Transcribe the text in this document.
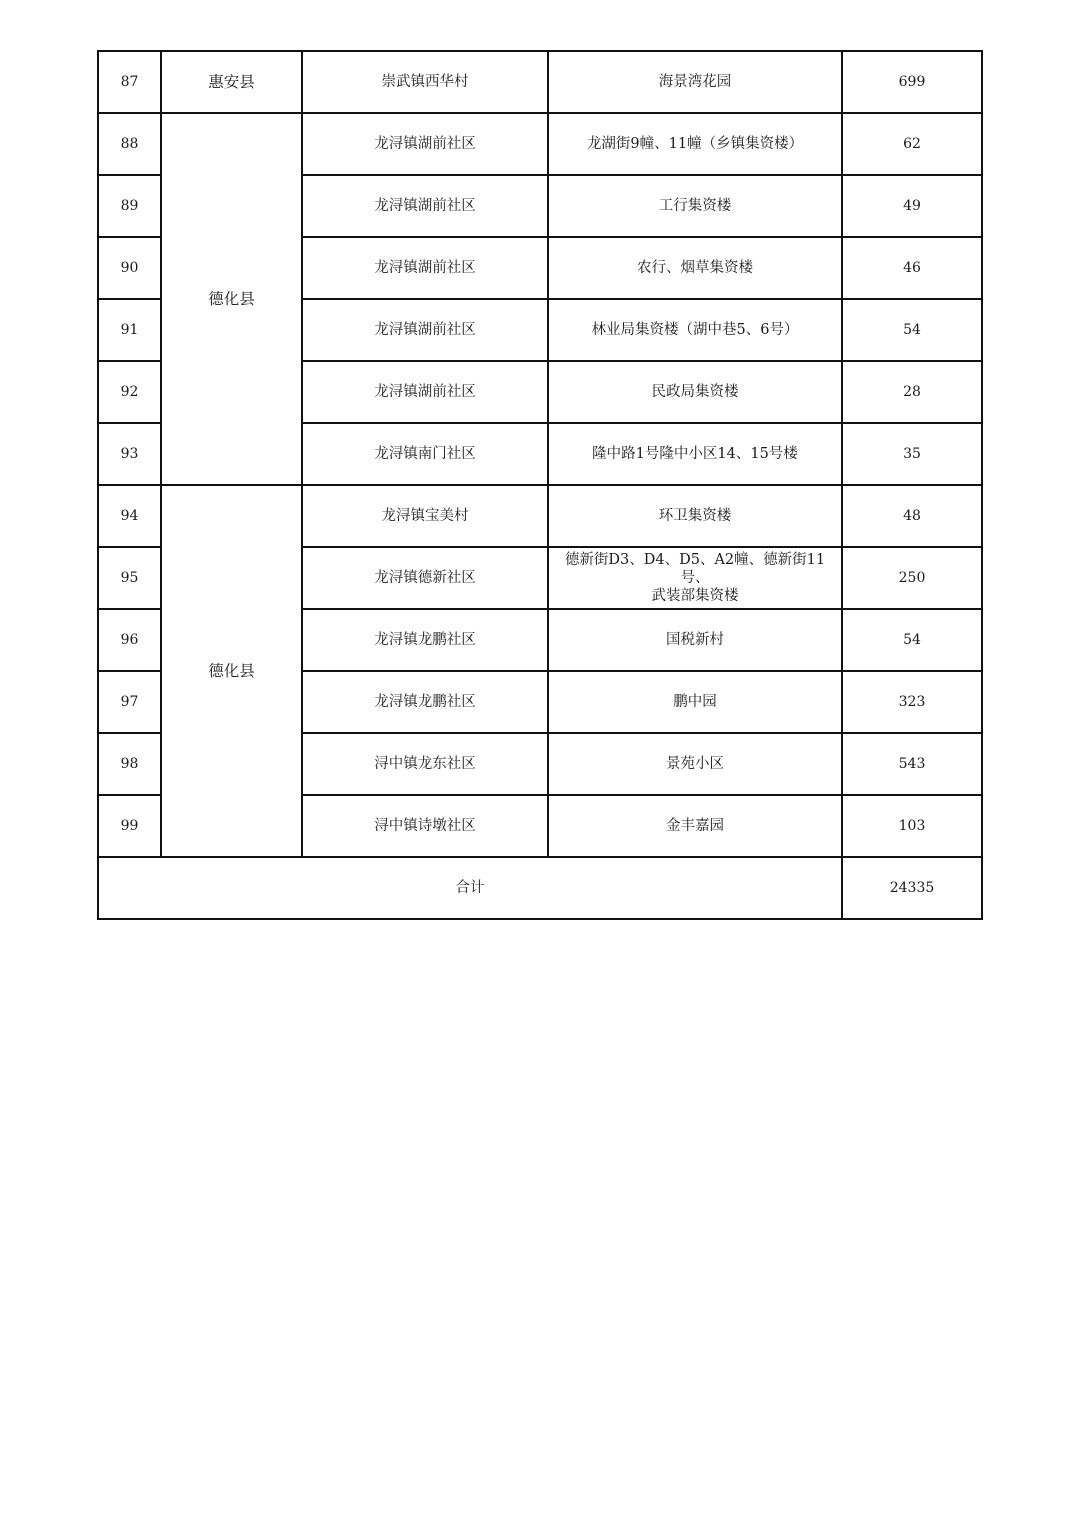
87	惠安县	崇武镇西华村	海景湾花园	699
88	德化县	龙浔镇湖前社区	龙湖街9幢、11幢（乡镇集资楼）	62
89		龙浔镇湖前社区	工行集资楼	49
90		龙浔镇湖前社区	农行、烟草集资楼	46
91		龙浔镇湖前社区	林业局集资楼（湖中巷5、6号）	54
92		龙浔镇湖前社区	民政局集资楼	28
93		龙浔镇南门社区	隆中路1号隆中小区14、15号楼	35
94	德化县	龙浔镇宝美村	环卫集资楼	48
95		龙浔镇德新社区	德新街D3、D4、D5、A2幢、德新街11号、
武装部集资楼	250
96		龙浔镇龙鹏社区	国税新村	54
97		龙浔镇龙鹏社区	鹏中园	323
98		浔中镇龙东社区	景苑小区	543
99		浔中镇诗墩社区	金丰嘉园	103
合计				24335
